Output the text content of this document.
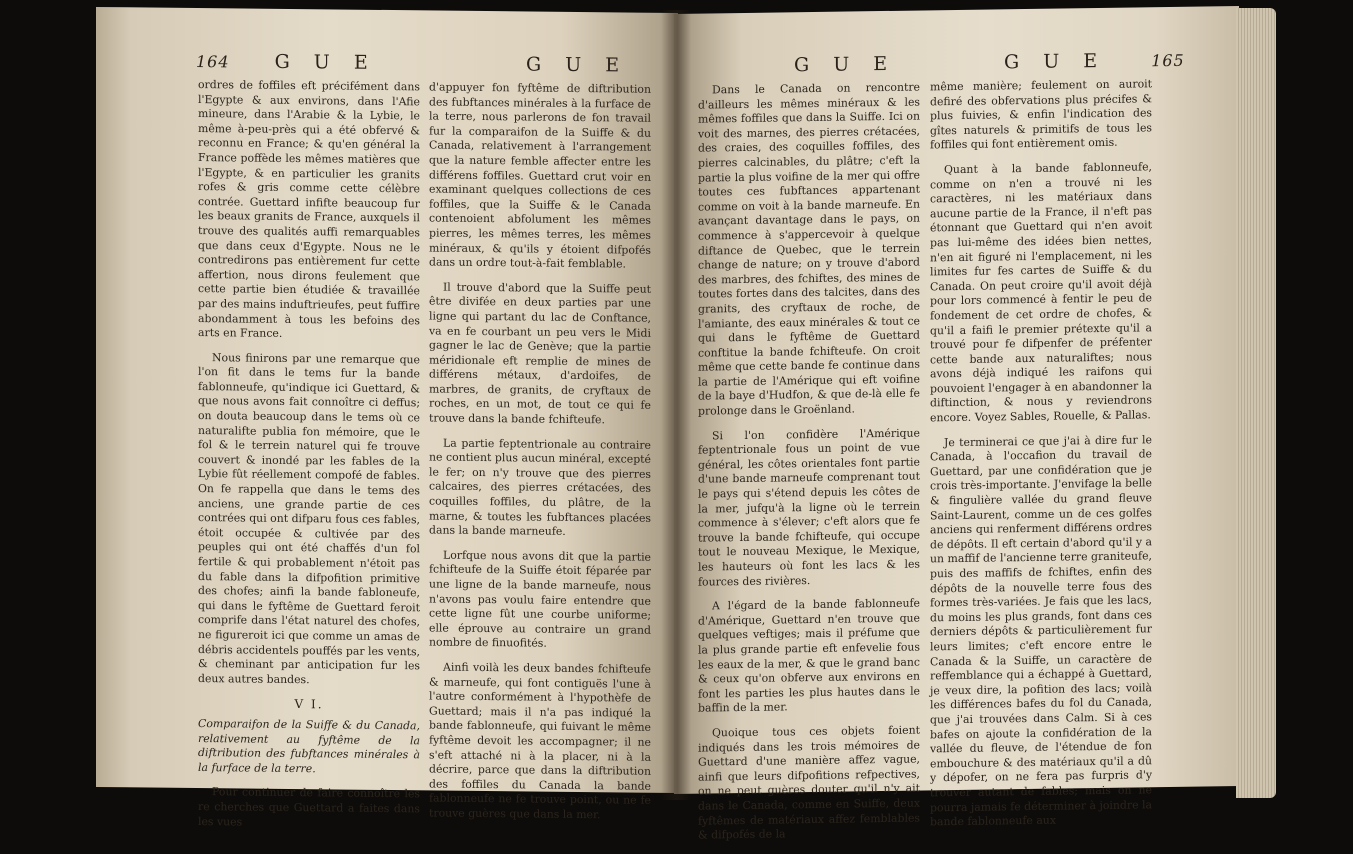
164 G U E	G U E

ordres de foffiles eft précifément dans l'Egypte & aux environs, dans l'Afie mineure, dans l'Arabie & la Lybie, le même à-peu-près qui a été obfervé & reconnu en France; & qu'en général la France poffède les mêmes matières que l'Egypte, & en particulier les granits rofes & gris comme cette célèbre contrée. Guettard infifte beaucoup fur les beaux granits de France, auxquels il trouve des qualités auffi remarquables que dans ceux d'Egypte. Nous ne le contredirons pas entièrement fur cette affertion, nous dirons feulement que cette partie bien étudiée & travaillée par des mains induftrieufes, peut fuffire abondamment à tous les befoins des arts en France.

Nous finirons par une remarque que l'on fit dans le tems fur la bande fablonneufe, qu'indique ici Guettard, & que nous avons fait connoître ci deffus; on douta beaucoup dans le tems où ce naturalifte publia fon mémoire, que le fol & le terrein naturel qui fe trouve couvert & inondé par les fables de la Lybie fût réellement compofé de fables. On fe rappella que dans le tems des anciens, une grande partie de ces contrées qui ont difparu fous ces fables, étoit occupée & cultivée par des peuples qui ont été chaffés d'un fol fertile & qui probablement n'étoit pas du fable dans la difpofition primitive des chofes; ainfi la bande fabloneufe, qui dans le fyftême de Guettard feroit comprife dans l'état naturel des chofes, ne figureroit ici que comme un amas de débris accidentels pouffés par les vents, & cheminant par anticipation fur les deux autres bandes.

V I.
Comparaifon de la Suiffe & du Canada, relativement au fyftême de la diftribution des fubftances minérales à la furface de la terre.

Pour continuer de faire connoître les re cherches que Guettard a faites dans les vues

d'appuyer fon fyftême de diftribution des fubftances minérales à la furface de la terre, nous parlerons de fon travail fur la comparaifon de la Suiffe & du Canada, relativement à l'arrangement que la nature femble affecter entre les différens foffiles. Guettard crut voir en examinant quelques collections de ces foffiles, que la Suiffe & le Canada contenoient abfolument les mêmes pierres, les mêmes terres, les mêmes minéraux, & qu'ils y étoient difpofés dans un ordre tout-à-fait femblable.

Il trouve d'abord que la Suiffe peut être divifée en deux parties par une ligne qui partant du lac de Conftance, va en fe courbant un peu vers le Midi gagner le lac de Genève; que la partie méridionale eft remplie de mines de différens métaux, d'ardoifes, de marbres, de granits, de cryftaux de roches, en un mot, de tout ce qui fe trouve dans la bande fchifteufe.

La partie feptentrionale au contraire ne contient plus aucun minéral, excepté le fer; on n'y trouve que des pierres calcaires, des pierres crétacées, des coquilles foffiles, du plâtre, de la marne, & toutes les fubftances placées dans la bande marneufe.

Lorfque nous avons dit que la partie fchifteufe de la Suiffe étoit féparée par une ligne de la bande marneufe, nous n'avons pas voulu faire entendre que cette ligne fût une courbe uniforme; elle éprouve au contraire un grand nombre de finuofités.

Ainfi voilà les deux bandes fchifteufe & marneufe, qui font contiguës l'une à l'autre conformément à l'hypothèfe de Guettard; mais il n'a pas indiqué la bande fablonneufe, qui fuivant le même fyftême devoit les accompagner; il ne s'eft attaché ni à la placer, ni à la décrire, parce que dans la diftribution des foffiles du Canada la bande fablonneufe ne fe trouve point, ou ne fe trouve guères que dans la mer.

G U E	G U E	165

Dans le Canada on rencontre d'ailleurs les mêmes minéraux & les mêmes foffiles que dans la Suiffe. Ici on voit des marnes, des pierres crétacées, des craies, des coquilles foffiles, des pierres calcinables, du plâtre; c'eft la partie la plus voifine de la mer qui offre toutes ces fubftances appartenant comme on voit à la bande marneufe. En avançant davantage dans le pays, on commence à s'appercevoir à quelque diftance de Quebec, que le terrein change de nature; on y trouve d'abord des marbres, des fchiftes, des mines de toutes fortes dans des talcites, dans des granits, des cryftaux de roche, de l'amiante, des eaux minérales & tout ce qui dans le fyftême de Guettard conftitue la bande fchifteufe. On croit même que cette bande fe continue dans la partie de l'Amérique qui eft voifine de la baye d'Hudfon, & que de-là elle fe prolonge dans le Groënland.

Si l'on confidère l'Amérique feptentrionale fous un point de vue général, les côtes orientales font partie d'une bande marneufe comprenant tout le pays qui s'étend depuis les côtes de la mer, jufqu'à la ligne où le terrein commence à s'élever; c'eft alors que fe trouve la bande fchifteufe, qui occupe tout le nouveau Mexique, le Mexique, les hauteurs où font les lacs & les fources des rivières.

A l'égard de la bande fablonneufe d'Amérique, Guettard n'en trouve que quelques veftiges; mais il préfume que la plus grande partie eft enfevelie fous les eaux de la mer, & que le grand banc & ceux qu'on obferve aux environs en font les parties les plus hautes dans le baffin de la mer.

Quoique tous ces objets foient indiqués dans les trois mémoires de Guettard d'une manière affez vague, ainfi que leurs difpofitions refpectives, on ne peut guères douter qu'il n'y ait dans le Canada, comme en Suiffe, deux fyftêmes de matériaux affez femblables & difpofés de la

même manière; feulement on auroit defiré des obfervations plus précifes & plus fuivies, & enfin l'indication des gîtes naturels & primitifs de tous les foffiles qui font entièrement omis.

Quant à la bande fablonneufe, comme on n'en a trouvé ni les caractères, ni les matériaux dans aucune partie de la France, il n'eft pas étonnant que Guettard qui n'en avoit pas lui-même des idées bien nettes, n'en ait figuré ni l'emplacement, ni les limites fur fes cartes de Suiffe & du Canada. On peut croire qu'il avoit déjà pour lors commencé à fentir le peu de fondement de cet ordre de chofes, & qu'il a faifi le premier prétexte qu'il a trouvé pour fe difpenfer de préfenter cette bande aux naturaliftes; nous avons déjà indiqué les raifons qui pouvoient l'engager à en abandonner la diftinction, & nous y reviendrons encore. Voyez Sables, Rouelle, & Pallas.

Je terminerai ce que j'ai à dire fur le Canada, à l'occafion du travail de Guettard, par une confidération que je crois très-importante. J'envifage la belle & fingulière vallée du grand fleuve Saint-Laurent, comme un de ces golfes anciens qui renferment différens ordres de dépôts. Il eft certain d'abord qu'il y a un maffif de l'ancienne terre graniteufe, puis des maffifs de fchiftes, enfin des dépôts de la nouvelle terre fous des formes très-variées. Je fais que les lacs, du moins les plus grands, font dans ces derniers dépôts & particulièrement fur leurs limites; c'eft encore entre le Canada & la Suiffe, un caractère de reffemblance qui a échappé à Guettard, je veux dire, la pofition des lacs; voilà les différences bafes du fol du Canada, que j'ai trouvées dans Calm. Si à ces bafes on ajoute la confidération de la vallée du fleuve, de l'étendue de fon embouchure & des matériaux qu'il a dû y dépofer, on ne fera pas furpris d'y trouver autant de fables; mais on ne pourra jamais fe déterminer à joindre la bande fablonneufe aux
